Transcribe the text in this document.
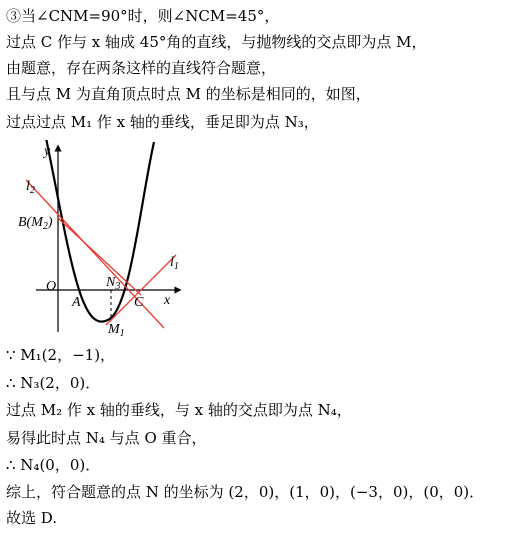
③当∠CNM=90°时，则∠NCM=45°，
过点 C 作与 x 轴成 45°角的直线，与抛物线的交点即为点 M，
由题意，存在两条这样的直线符合题意，
且与点 M 为直角顶点时点 M 的坐标是相同的，如图，
过点过点 M₁ 作 x 轴的垂线，垂足即为点 N₃，
y
x
O
A	C
$B(M_2)$
$N_3$
$M_1$
$l_1$
$l_2$
∵ M₁(2，−1)，
∴ N₃(2，0)．
过点 M₂ 作 x 轴的垂线，与 x 轴的交点即为点 N₄，
易得此时点 N₄ 与点 O 重合，
∴ N₄(0，0)．
综上，符合题意的点 N 的坐标为 (2，0)，(1，0)，(−3，0)，(0，0)．
故选 D.
